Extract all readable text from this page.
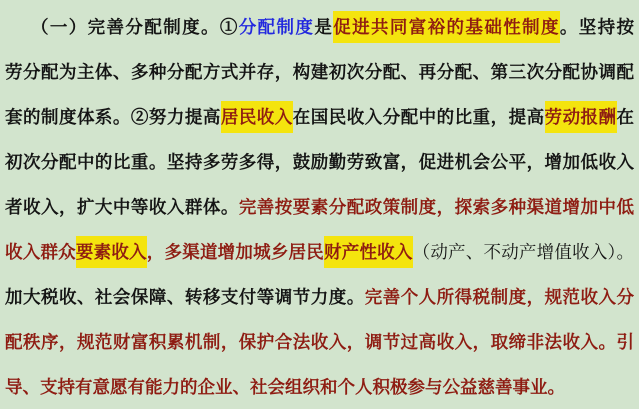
（一）完善分配制度。①分配制度是促进共同富裕的基础性制度。坚持按
劳分配为主体、多种分配方式并存，构建初次分配、再分配、第三次分配协调配
套的制度体系。②努力提高居民收入在国民收入分配中的比重，提高劳动报酬在
初次分配中的比重。坚持多劳多得，鼓励勤劳致富，促进机会公平，增加低收入
者收入，扩大中等收入群体。完善按要素分配政策制度，探索多种渠道增加中低
收入群众要素收入，多渠道增加城乡居民财产性收入（动产、不动产增值收入）。
加大税收、社会保障、转移支付等调节力度。完善个人所得税制度，规范收入分
配秩序，规范财富积累机制，保护合法收入，调节过高收入，取缔非法收入。引
导、支持有意愿有能力的企业、社会组织和个人积极参与公益慈善事业。
